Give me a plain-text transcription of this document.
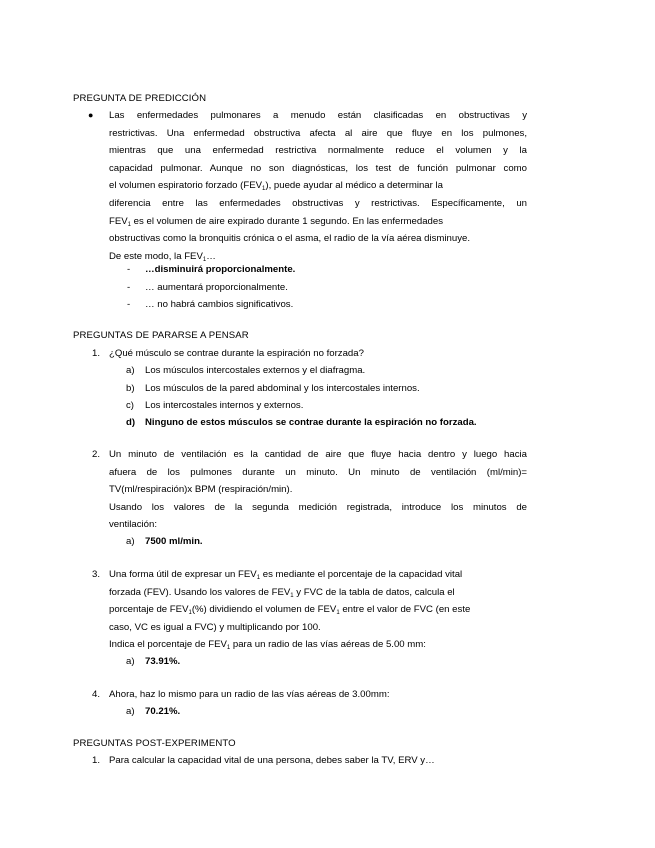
PREGUNTA DE PREDICCIÓN
● Las enfermedades pulmonares a menudo están clasificadas en obstructivas y
restrictivas. Una enfermedad obstructiva afecta al aire que fluye en los pulmones,
mientras que una enfermedad restrictiva normalmente reduce el volumen y la
capacidad pulmonar. Aunque no son diagnósticas, los test de función pulmonar como
el volumen espiratorio forzado $(FEV_1)$, puede ayudar al médico a determinar la
diferencia entre las enfermedades obstructivas y restrictivas. Específicamente, un
$FEV_1$ es el volumen de aire expirado durante 1 segundo. En las enfermedades
obstructivas como la bronquitis crónica o el asma, el radio de la vía aérea disminuye.
De este modo, la $FEV_1\dots$
- …disminuirá proporcionalmente.
- … aumentará proporcionalmente.
- … no habrá cambios significativos.
PREGUNTAS DE PARARSE A PENSAR
1. ¿Qué músculo se contrae durante la espiración no forzada?
a) Los músculos intercostales externos y el diafragma.
b) Los músculos de la pared abdominal y los intercostales internos.
c) Los intercostales internos y externos.
d) Ninguno de estos músculos se contrae durante la espiración no forzada.
2. Un minuto de ventilación es la cantidad de aire que fluye hacia dentro y luego hacia
afuera de los pulmones durante un minuto. Un minuto de ventilación (ml/min)=
TV(ml/respiración)x BPM (respiración/min).
Usando los valores de la segunda medición registrada, introduce los minutos de
ventilación:
a) 7500 ml/min.
3. Una forma útil de expresar un $FEV_1$ es mediante el porcentaje de la capacidad vital
forzada (FEV). Usando los valores de $FEV_1$ y FVC de la tabla de datos, calcula el
porcentaje de $FEV_1(\%)$ dividiendo el volumen de $FEV_1$ entre el valor de FVC (en este
caso, VC es igual a FVC) y multiplicando por 100.
Indica el porcentaje de $FEV_1$ para un radio de las vías aéreas de 5.00 mm:
a) 73.91%.
4. Ahora, haz lo mismo para un radio de las vías aéreas de 3.00mm:
a) 70.21%.
PREGUNTAS POST-EXPERIMENTO
1. Para calcular la capacidad vital de una persona, debes saber la TV, ERV y…
